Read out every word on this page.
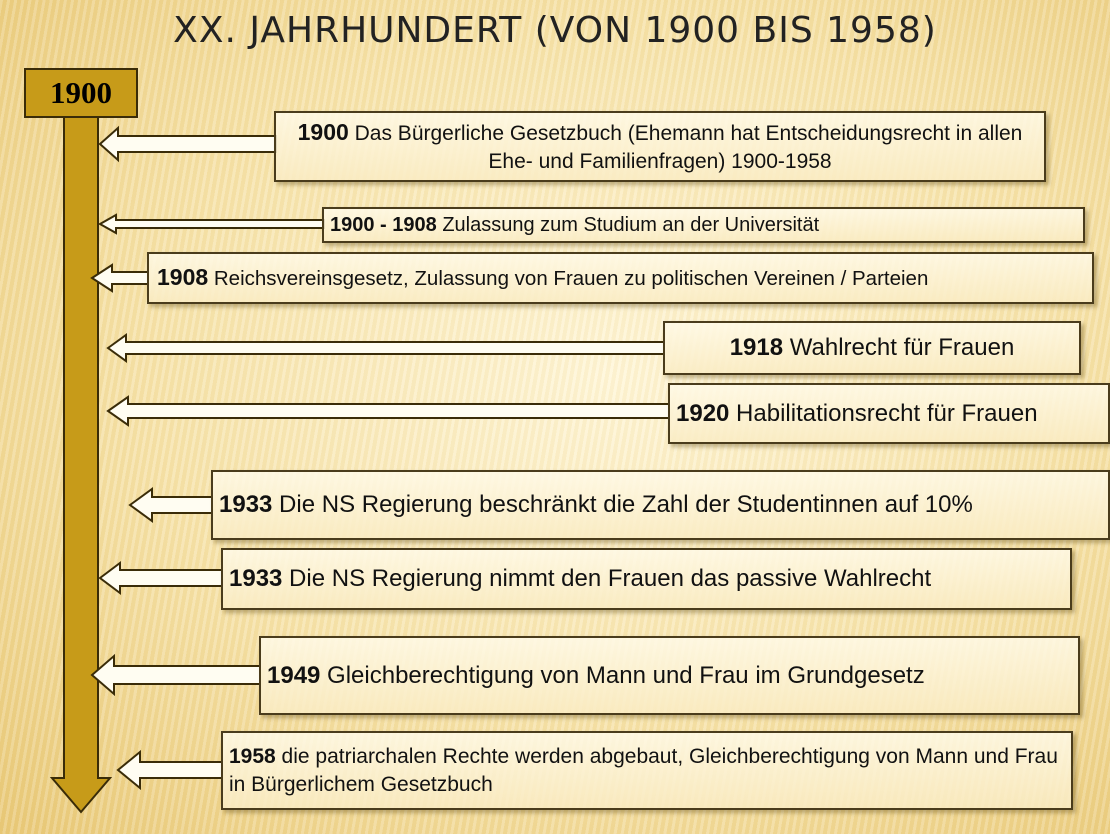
XX. JAHRHUNDERT (VON 1900 BIS 1958)
1900
1900 Das Bürgerliche Gesetzbuch (Ehemann hat Entscheidungsrecht in allen Ehe- und Familienfragen) 1900-1958
1900 - 1908 Zulassung zum Studium an der Universität
1908 Reichsvereinsgesetz, Zulassung von Frauen zu politischen Vereinen / Parteien
1918 Wahlrecht für Frauen
1920 Habilitationsrecht für Frauen
1933 Die NS Regierung beschränkt die Zahl der Studentinnen auf 10%
1933 Die NS Regierung nimmt den Frauen das passive Wahlrecht
1949 Gleichberechtigung von Mann und Frau im Grundgesetz
1958 die patriarchalen Rechte werden abgebaut, Gleichberechtigung von Mann und Frau in Bürgerlichem Gesetzbuch
